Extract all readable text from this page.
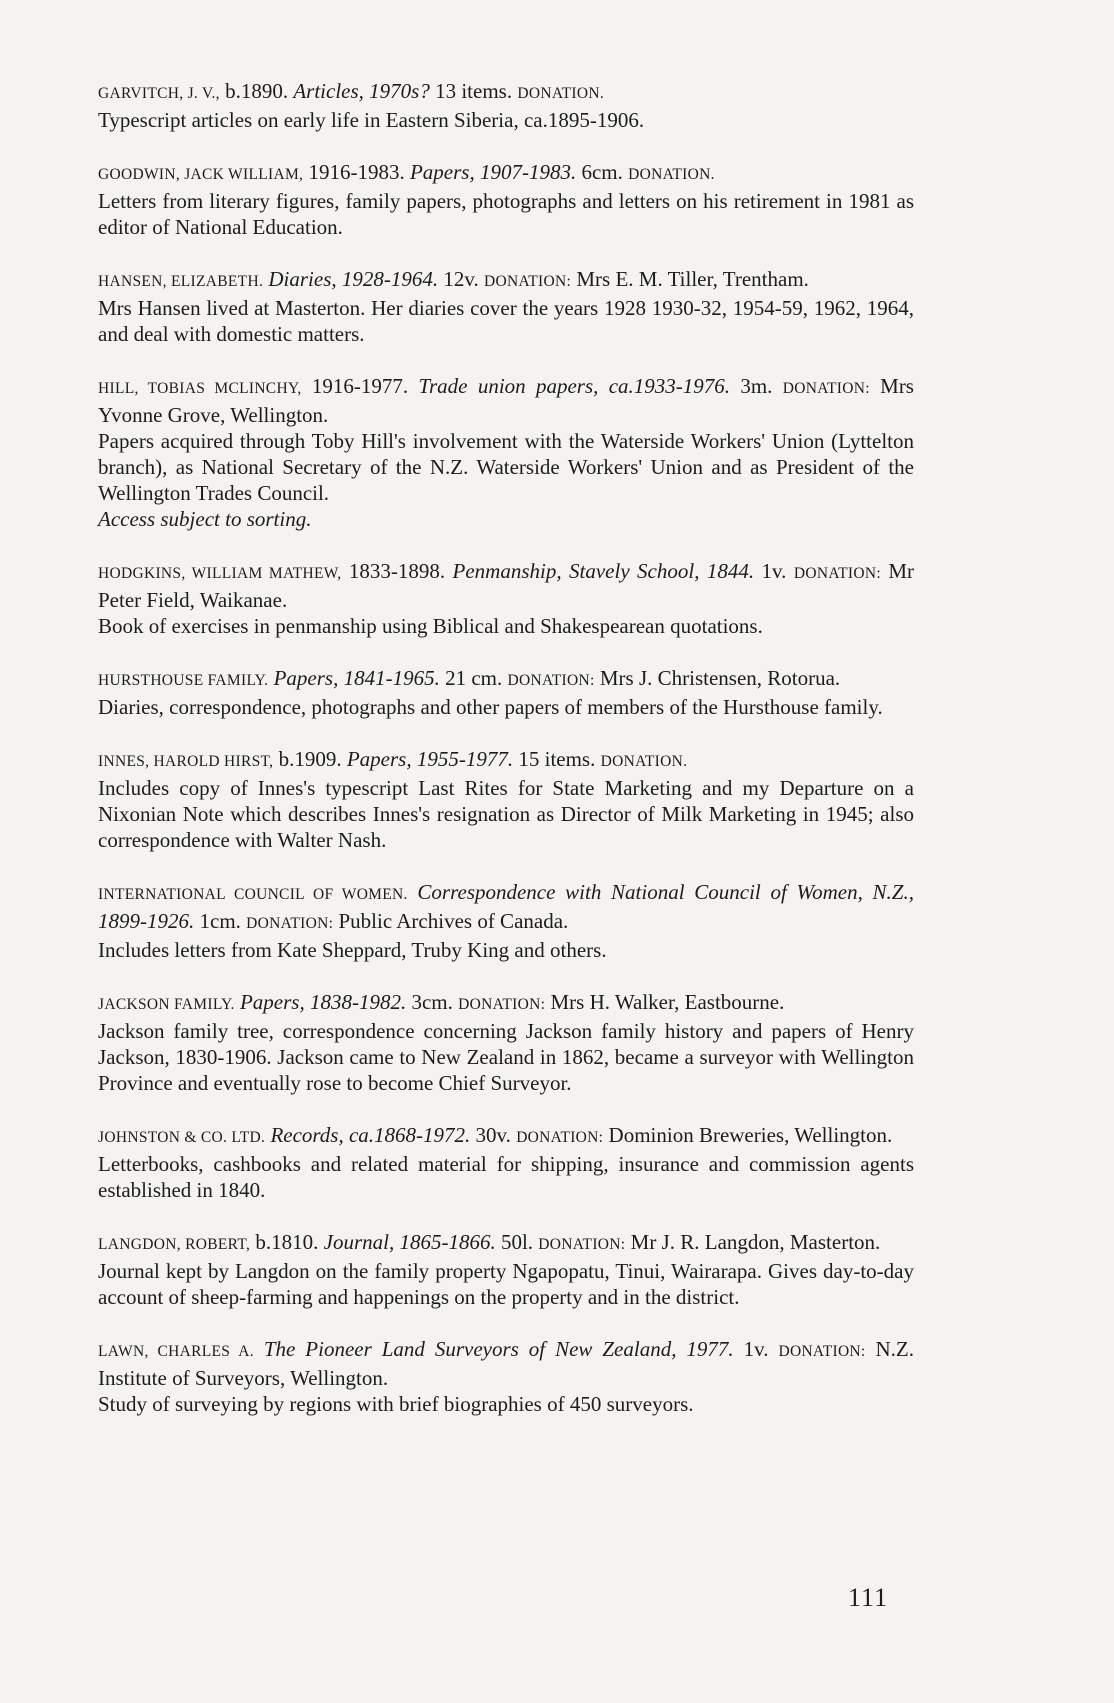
GARVITCH, J. V., b.1890. Articles, 1970s? 13 items. DONATION.

Typescript articles on early life in Eastern Siberia, ca.1895-1906.

GOODWIN, JACK WILLIAM, 1916-1983. Papers, 1907-1983. 6cm. DONATION.

Letters from literary figures, family papers, photographs and letters on his retirement in 1981 as editor of National Education.

HANSEN, ELIZABETH. Diaries, 1928-1964. 12v. DONATION: Mrs E. M. Tiller, Trentham.

Mrs Hansen lived at Masterton. Her diaries cover the years 1928 1930-32, 1954-59, 1962, 1964, and deal with domestic matters.

HILL, TOBIAS MCLINCHY, 1916-1977. Trade union papers, ca.1933-1976. 3m. DONATION: Mrs Yvonne Grove, Wellington.

Papers acquired through Toby Hill's involvement with the Waterside Workers' Union (Lyttelton branch), as National Secretary of the N.Z. Waterside Workers' Union and as President of the Wellington Trades Council.

Access subject to sorting.

HODGKINS, WILLIAM MATHEW, 1833-1898. Penmanship, Stavely School, 1844. 1v. DONATION: Mr Peter Field, Waikanae.

Book of exercises in penmanship using Biblical and Shakespearean quotations.

HURSTHOUSE FAMILY. Papers, 1841-1965. 21 cm. DONATION: Mrs J. Christensen, Rotorua.

Diaries, correspondence, photographs and other papers of members of the Hursthouse family.

INNES, HAROLD HIRST, b.1909. Papers, 1955-1977. 15 items. DONATION.

Includes copy of Innes's typescript Last Rites for State Marketing and my Departure on a Nixonian Note which describes Innes's resignation as Director of Milk Marketing in 1945; also correspondence with Walter Nash.

INTERNATIONAL COUNCIL OF WOMEN. Correspondence with National Council of Women, N.Z., 1899-1926. 1cm. DONATION: Public Archives of Canada.

Includes letters from Kate Sheppard, Truby King and others.

JACKSON FAMILY. Papers, 1838-1982. 3cm. DONATION: Mrs H. Walker, Eastbourne.

Jackson family tree, correspondence concerning Jackson family history and papers of Henry Jackson, 1830-1906. Jackson came to New Zealand in 1862, became a surveyor with Wellington Province and eventually rose to become Chief Surveyor.

JOHNSTON & CO. LTD. Records, ca.1868-1972. 30v. DONATION: Dominion Breweries, Wellington.

Letterbooks, cashbooks and related material for shipping, insurance and commission agents established in 1840.

LANGDON, ROBERT, b.1810. Journal, 1865-1866. 50l. DONATION: Mr J. R. Langdon, Masterton.

Journal kept by Langdon on the family property Ngapopatu, Tinui, Wairarapa. Gives day-to-day account of sheep-farming and happenings on the property and in the district.

LAWN, CHARLES A. The Pioneer Land Surveyors of New Zealand, 1977. 1v. DONATION: N.Z. Institute of Surveyors, Wellington.

Study of surveying by regions with brief biographies of 450 surveyors.

111
